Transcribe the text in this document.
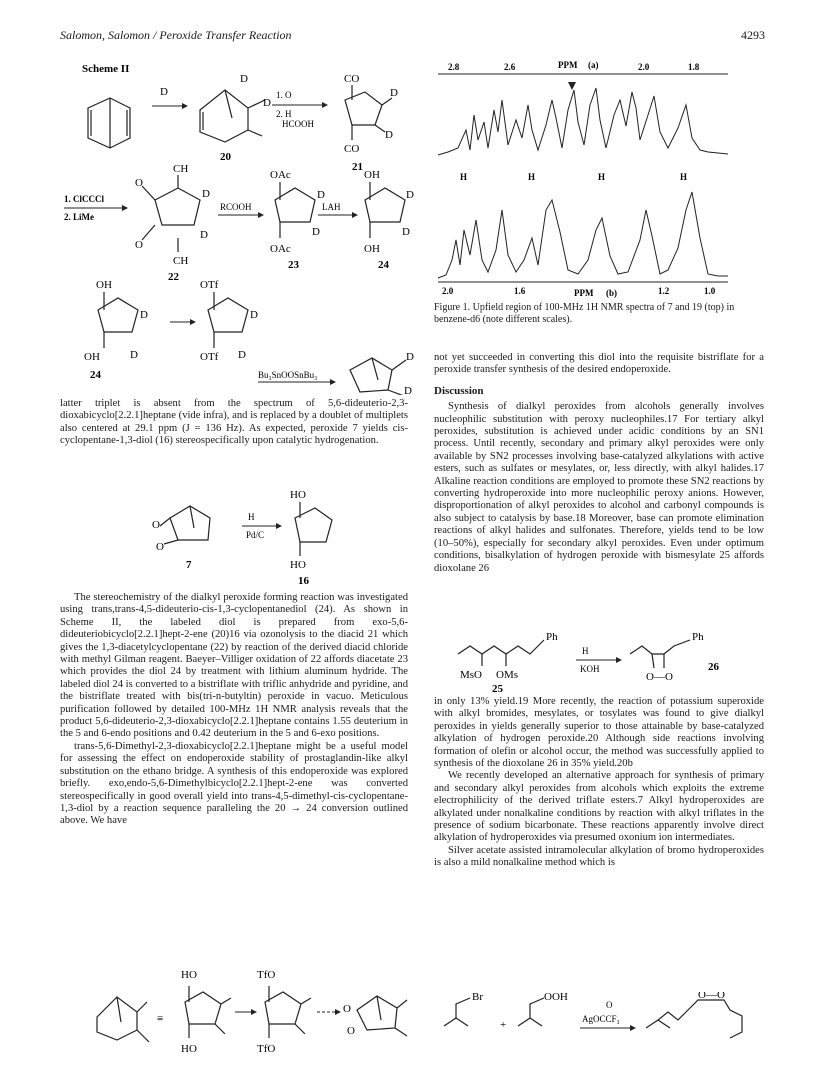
Salomon, Salomon / Peroxide Transfer Reaction	4293
Scheme II
D
D
D
20
1. O
2. H
HCOOH
CO
CO
D
D
21
1. ClCCCl
2. LiMe
O
O
CH
CH
D
D
22
RCOOH
OAc
OAc
D
D
23
LAH
OH
OH
D
D
24
OH
OH
D
D
24
OTf
OTf
D
D
Bu₃SnOOSnBu₃
D
D

latter triplet is absent from the spectrum of 5,6-dideuterio-2,3-dioxabicyclo[2.2.1]heptane (vide infra), and is replaced by a doublet of multiplets also centered at 29.1 ppm (J = 136 Hz). As expected, peroxide 7 yields cis-cyclopentane-1,3-diol (16) stereospecifically upon catalytic hydrogenation.

O
O
7
H
Pd/C
HO
HO
16

The stereochemistry of the dialkyl peroxide forming reaction was investigated using trans,trans-4,5-dideuterio-cis-1,3-cyclopentanediol (24). As shown in Scheme II, the labeled diol is prepared from exo-5,6-dideuteriobicyclo[2.2.1]hept-2-ene (20)16 via ozonolysis to the diacid 21 which gives the 1,3-diacetylcyclopentane (22) by reaction of the derived diacid chloride with methyl Gilman reagent. Baeyer–Villiger oxidation of 22 affords diacetate 23 which provides the diol 24 by treatment with lithium aluminum hydride. The labeled diol 24 is converted to a bistriflate with triflic anhydride and pyridine, and the bistriflate treated with bis(tri-n-butyltin) peroxide in vacuo. Meticulous purification followed by detailed 100-MHz 1H NMR analysis reveals that the product 5,6-dideuterio-2,3-dioxabicyclo[2.2.1]heptane contains 1.55 deuterium in the 5 and 6-endo positions and 0.42 deuterium in the 5 and 6-exo positions.

trans-5,6-Dimethyl-2,3-dioxabicyclo[2.2.1]heptane might be a useful model for assessing the effect on endoperoxide stability of prostaglandin-like alkyl substitution on the ethano bridge. A synthesis of this endoperoxide was explored briefly. exo,endo-5,6-Dimethylbicyclo[2.2.1]hept-2-ene was converted stereospecifically in good overall yield into trans-4,5-dimethyl-cis-cyclopentane-1,3-diol by a reaction sequence paralleling the 20 → 24 conversion outlined above. We have

≡
HO
HO
TfO
TfO
O
O
2.8	2.6	PPM (a)	2.0	1.8
H	H	H	H
2.0	1.6	PPM (b)	1.2	1.0
Figure 1. Upfield region of 100-MHz 1H NMR spectra of 7 and 19 (top) in benzene-d6 (note different scales).

not yet succeeded in converting this diol into the requisite bistriflate for a peroxide transfer synthesis of the desired endoperoxide.

Discussion

Synthesis of dialkyl peroxides from alcohols generally involves nucleophilic substitution with peroxy nucleophiles.17 For tertiary alkyl peroxides, substitution is achieved under acidic conditions by an SN1 process. Until recently, secondary and primary alkyl peroxides were only available by SN2 processes involving base-catalyzed alkylations with active esters, such as sulfates or mesylates, or, less directly, with alkyl halides.17 Alkaline reaction conditions are employed to promote these SN2 reactions by converting hydroperoxide into more nucleophilic peroxy anions. However, disproportionation of alkyl peroxides to alcohol and carbonyl compounds is also subject to catalysis by base.18 Moreover, base can promote elimination reactions of alkyl halides and sulfonates. Therefore, yields tend to be low (10–50%), especially for secondary alkyl peroxides. Even under optimum conditions, bisalkylation of hydrogen peroxide with bismesylate 25 affords dioxolane 26

Ph
MsO OMs
25
H
KOH
O—O
Ph
26

in only 13% yield.19 More recently, the reaction of potassium superoxide with alkyl bromides, mesylates, or tosylates was found to give dialkyl peroxides in yields generally superior to those attainable by base-catalyzed alkylation of hydrogen peroxide.20 Although side reactions involving formation of olefin or alcohol occur, the method was successfully applied to synthesis of the dioxolane 26 in 35% yield.20b

We recently developed an alternative approach for synthesis of primary and secondary alkyl peroxides from alcohols which exploits the extreme electrophilicity of the derived triflate esters.7 Alkyl hydroperoxides are alkylated under nonalkaline conditions by reaction with alkyl triflates in the presence of sodium bicarbonate. These reactions apparently involve direct alkylation of hydroperoxides via presumed oxonium ion intermediates.

Silver acetate assisted intramolecular alkylation of bromo hydroperoxides is also a mild nonalkaline method which is

Br
+
OOH
O
AgOCCF₃
O—O
